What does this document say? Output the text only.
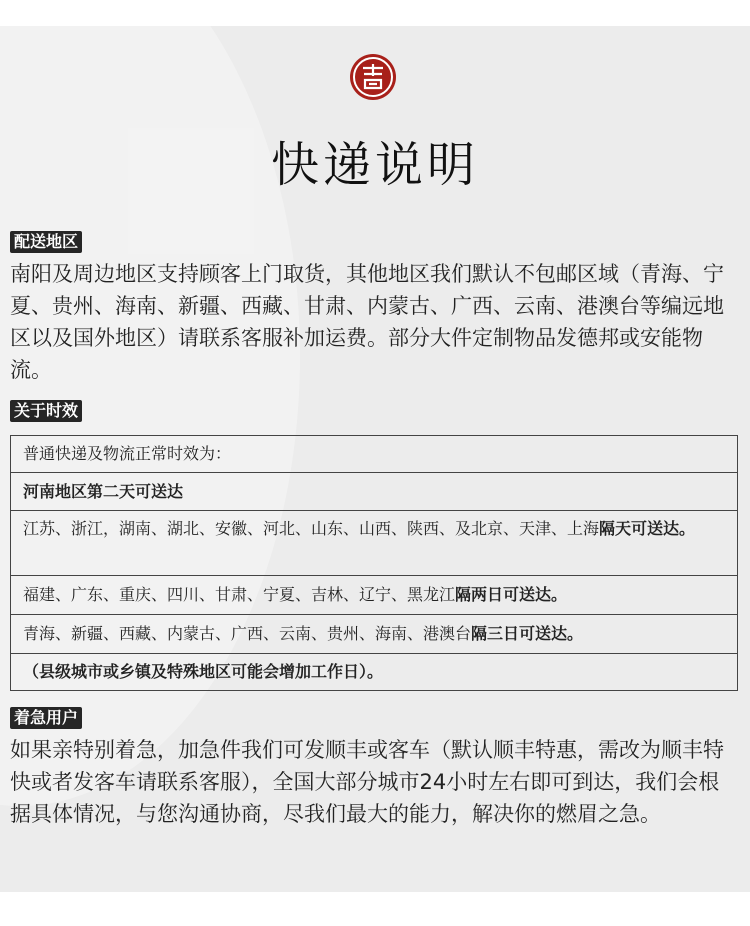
快递说明
配送地区
南阳及周边地区支持顾客上门取货，其他地区我们默认不包邮区域（青海、宁夏、贵州、海南、新疆、西藏、甘肃、内蒙古、广西、云南、港澳台等编远地区以及国外地区）请联系客服补加运费。部分大件定制物品发德邦或安能物流。
关于时效
普通快递及物流正常时效为：
河南地区第二天可送达
江苏、浙江，湖南、湖北、安徽、河北、山东、山西、陕西、及北京、天津、上海隔天可送达。
福建、广东、重庆、四川、甘肃、宁夏、吉林、辽宁、黑龙江隔两日可送达。
青海、新疆、西藏、内蒙古、广西、云南、贵州、海南、港澳台隔三日可送达。
（县级城市或乡镇及特殊地区可能会增加工作日）。
着急用户
如果亲特别着急，加急件我们可发顺丰或客车（默认顺丰特惠，需改为顺丰特快或者发客车请联系客服），全国大部分城市24小时左右即可到达，我们会根据具体情况，与您沟通协商，尽我们最大的能力，解决你的燃眉之急。
